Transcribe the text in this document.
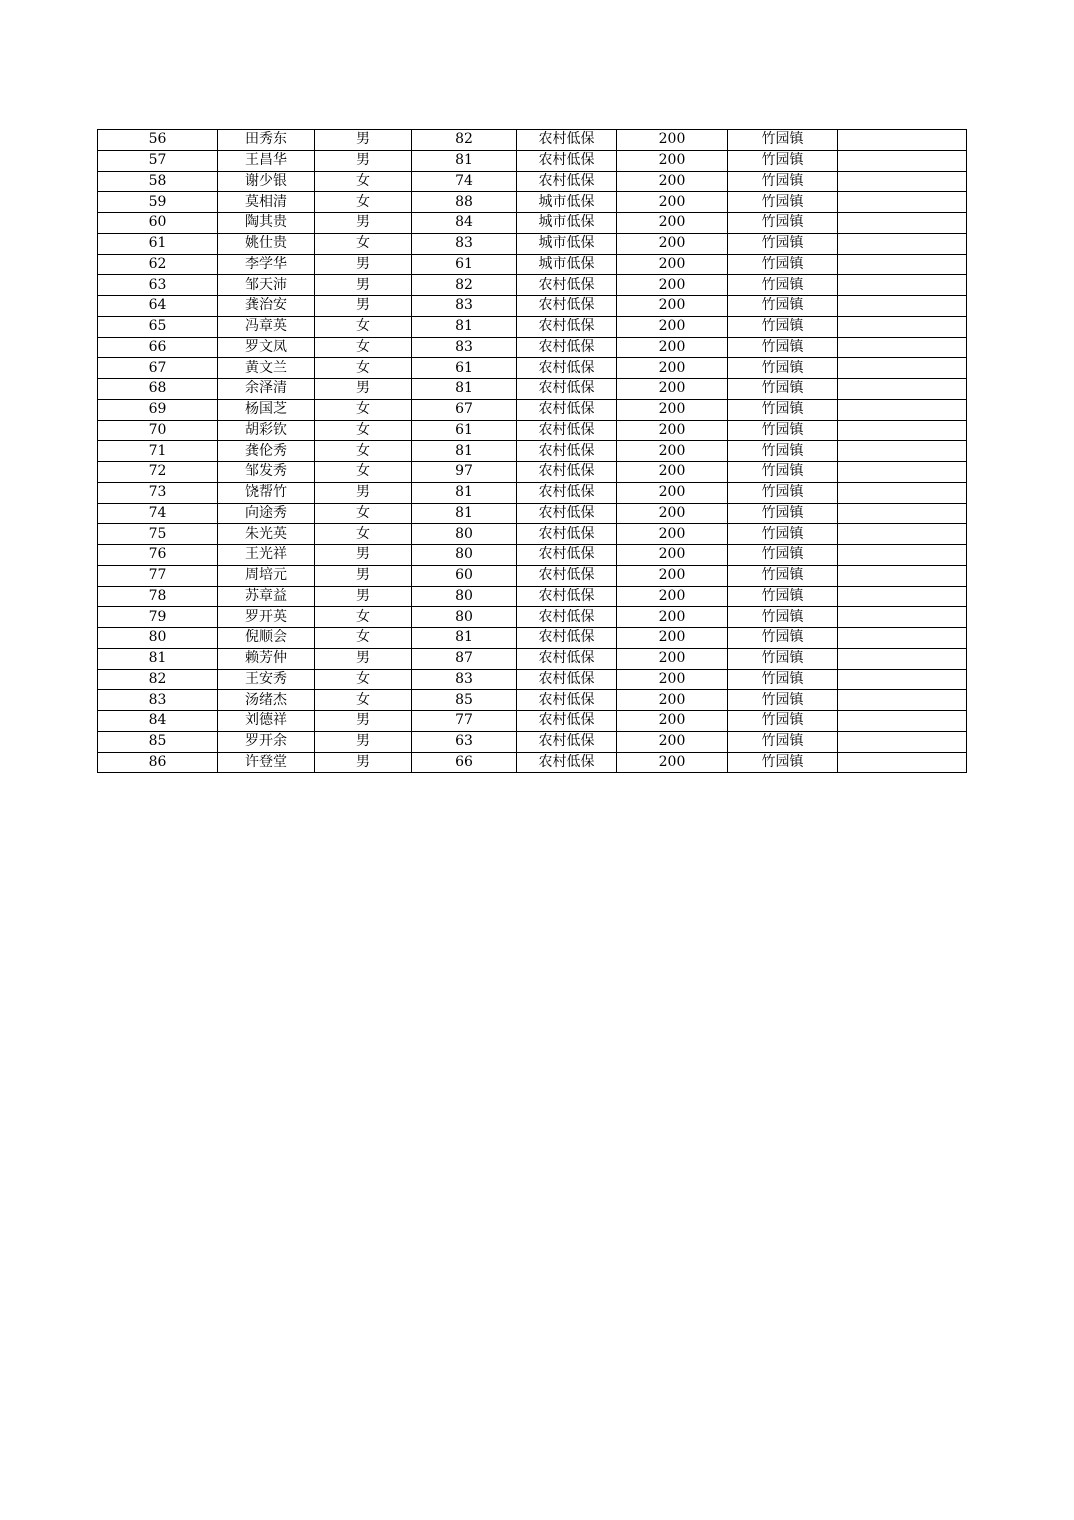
56	田秀东	男	82	农村低保	200	竹园镇	
57	王昌华	男	81	农村低保	200	竹园镇	
58	谢少银	女	74	农村低保	200	竹园镇	
59	莫相清	女	88	城市低保	200	竹园镇	
60	陶其贵	男	84	城市低保	200	竹园镇	
61	姚仕贵	女	83	城市低保	200	竹园镇	
62	李学华	男	61	城市低保	200	竹园镇	
63	邹天沛	男	82	农村低保	200	竹园镇	
64	龚治安	男	83	农村低保	200	竹园镇	
65	冯章英	女	81	农村低保	200	竹园镇	
66	罗文凤	女	83	农村低保	200	竹园镇	
67	黄文兰	女	61	农村低保	200	竹园镇	
68	余泽清	男	81	农村低保	200	竹园镇	
69	杨国芝	女	67	农村低保	200	竹园镇	
70	胡彩钦	女	61	农村低保	200	竹园镇	
71	龚伦秀	女	81	农村低保	200	竹园镇	
72	邹发秀	女	97	农村低保	200	竹园镇	
73	饶帮竹	男	81	农村低保	200	竹园镇	
74	向途秀	女	81	农村低保	200	竹园镇	
75	朱光英	女	80	农村低保	200	竹园镇	
76	王光祥	男	80	农村低保	200	竹园镇	
77	周培元	男	60	农村低保	200	竹园镇	
78	苏章益	男	80	农村低保	200	竹园镇	
79	罗开英	女	80	农村低保	200	竹园镇	
80	倪顺会	女	81	农村低保	200	竹园镇	
81	赖芳仲	男	87	农村低保	200	竹园镇	
82	王安秀	女	83	农村低保	200	竹园镇	
83	汤绪杰	女	85	农村低保	200	竹园镇	
84	刘德祥	男	77	农村低保	200	竹园镇	
85	罗开余	男	63	农村低保	200	竹园镇	
86	许登堂	男	66	农村低保	200	竹园镇	
